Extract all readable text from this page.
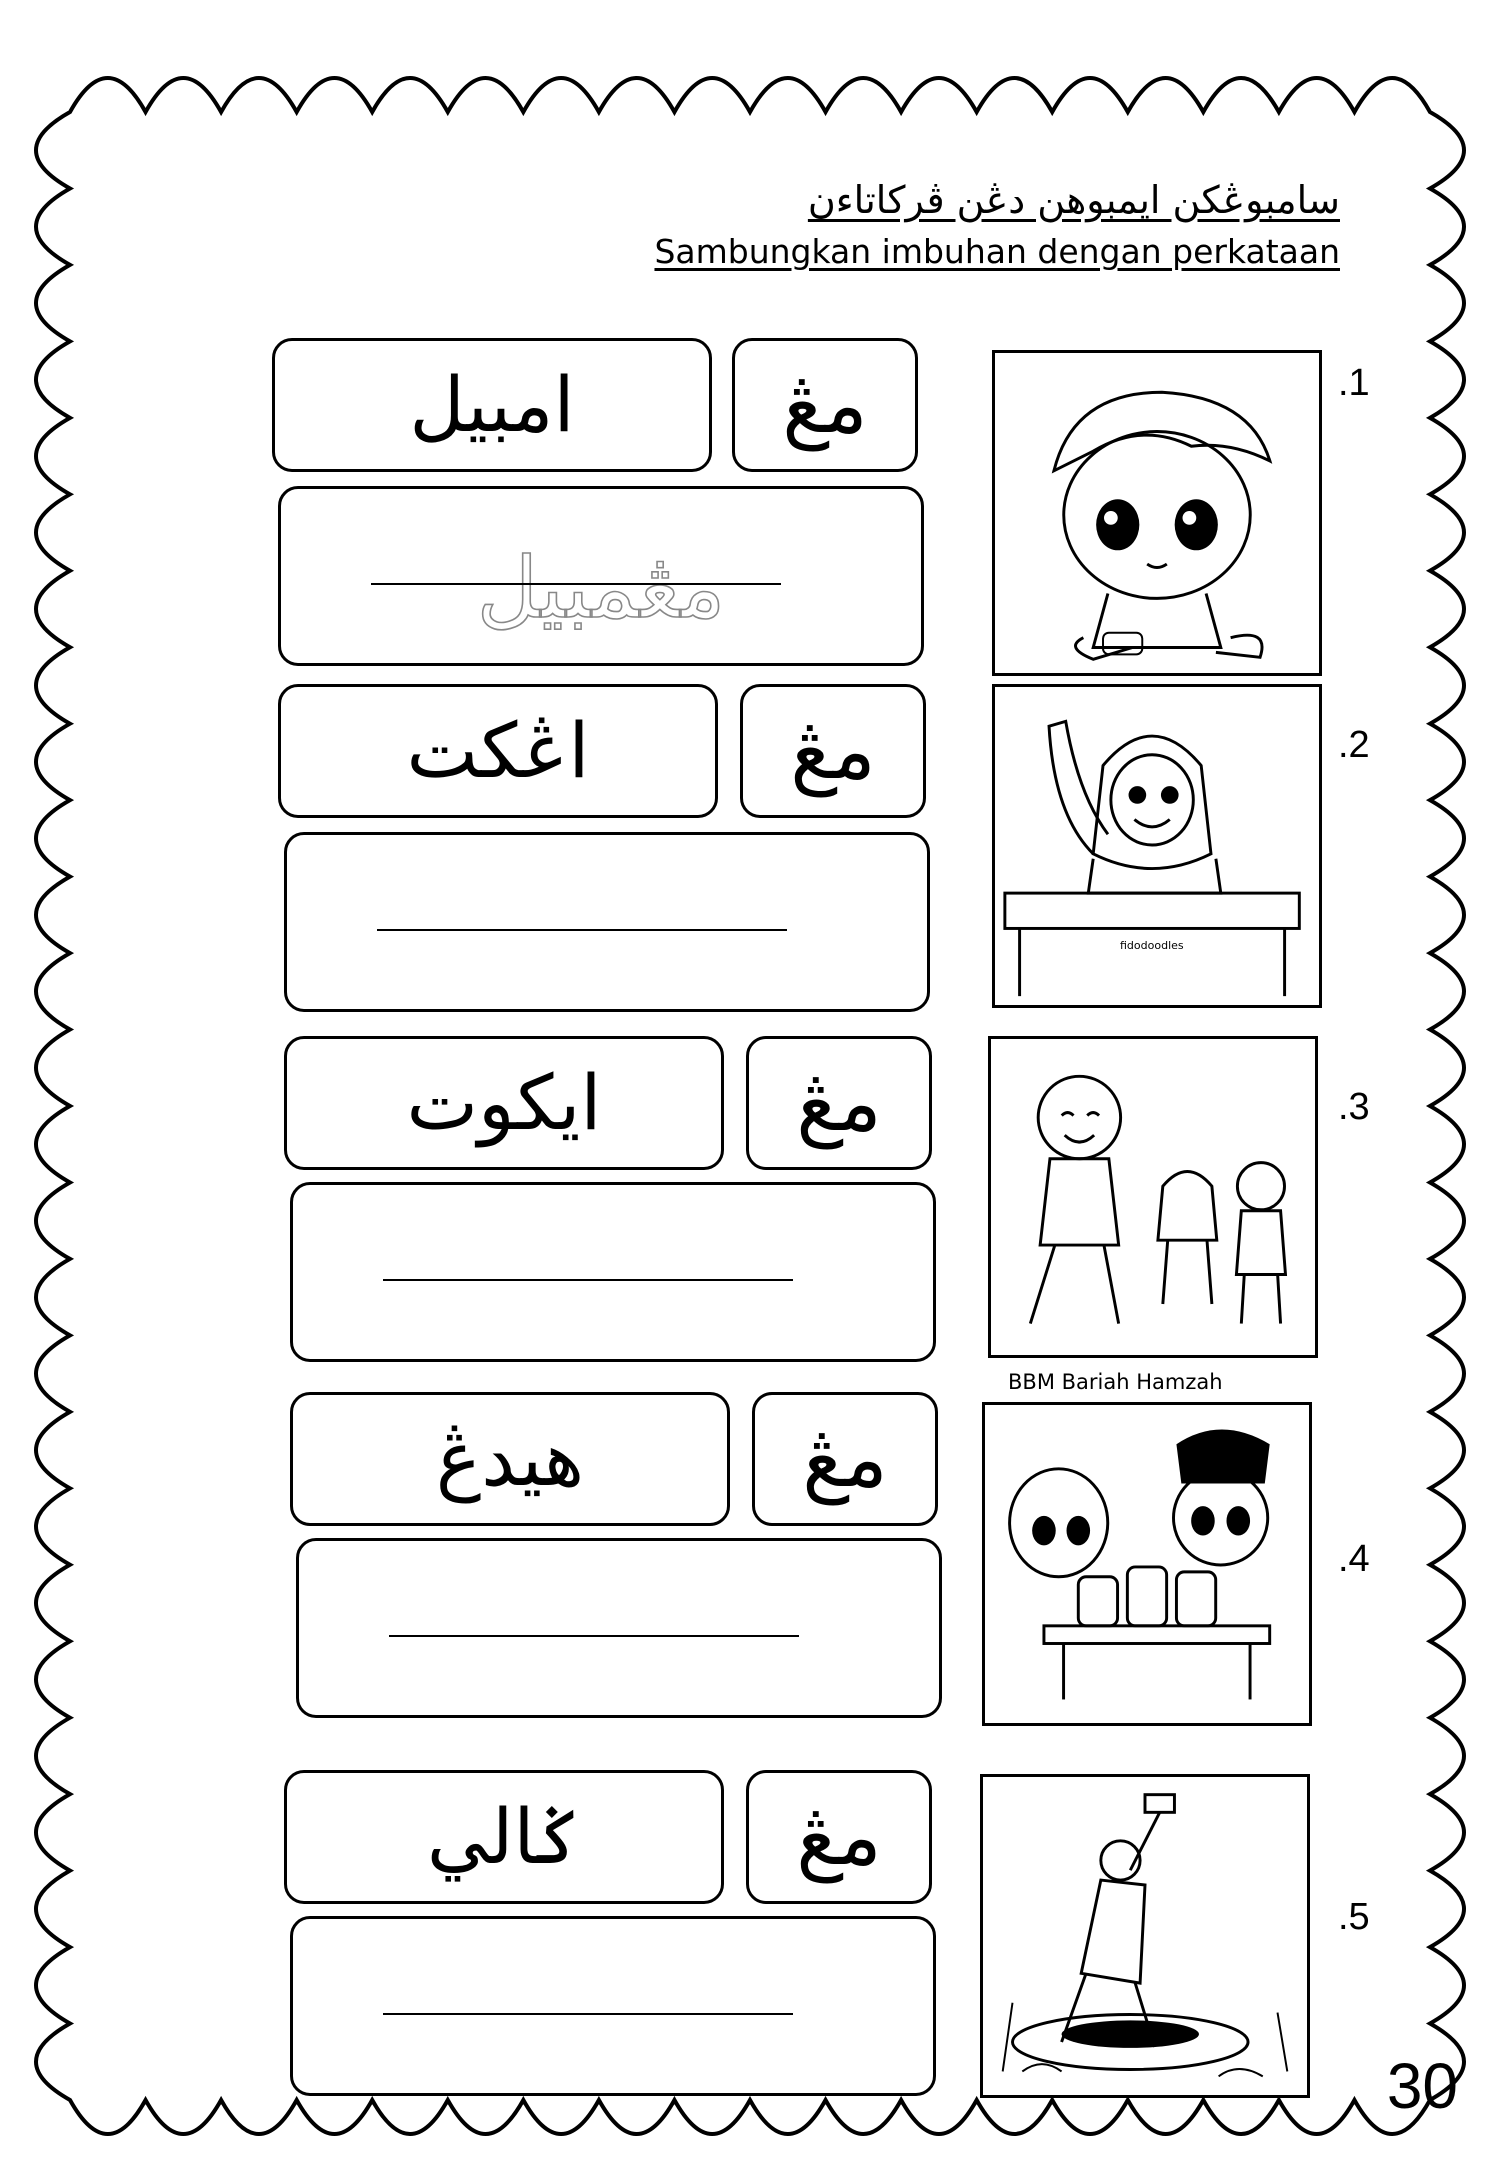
سامبوڠکن ايمبوهن دڠن ڤرکاتاءن
Sambungkan imbuhan dengan perkataan
امبيل	مڠ
مڠمبيل
.1
اڠکت	مڠ
fidodoodles
.2
ايکوت مڠ	.3
BBM Bariah Hamzah
هيدڠ	مڠ
.4
ݢالي	مڠ
.5
30
